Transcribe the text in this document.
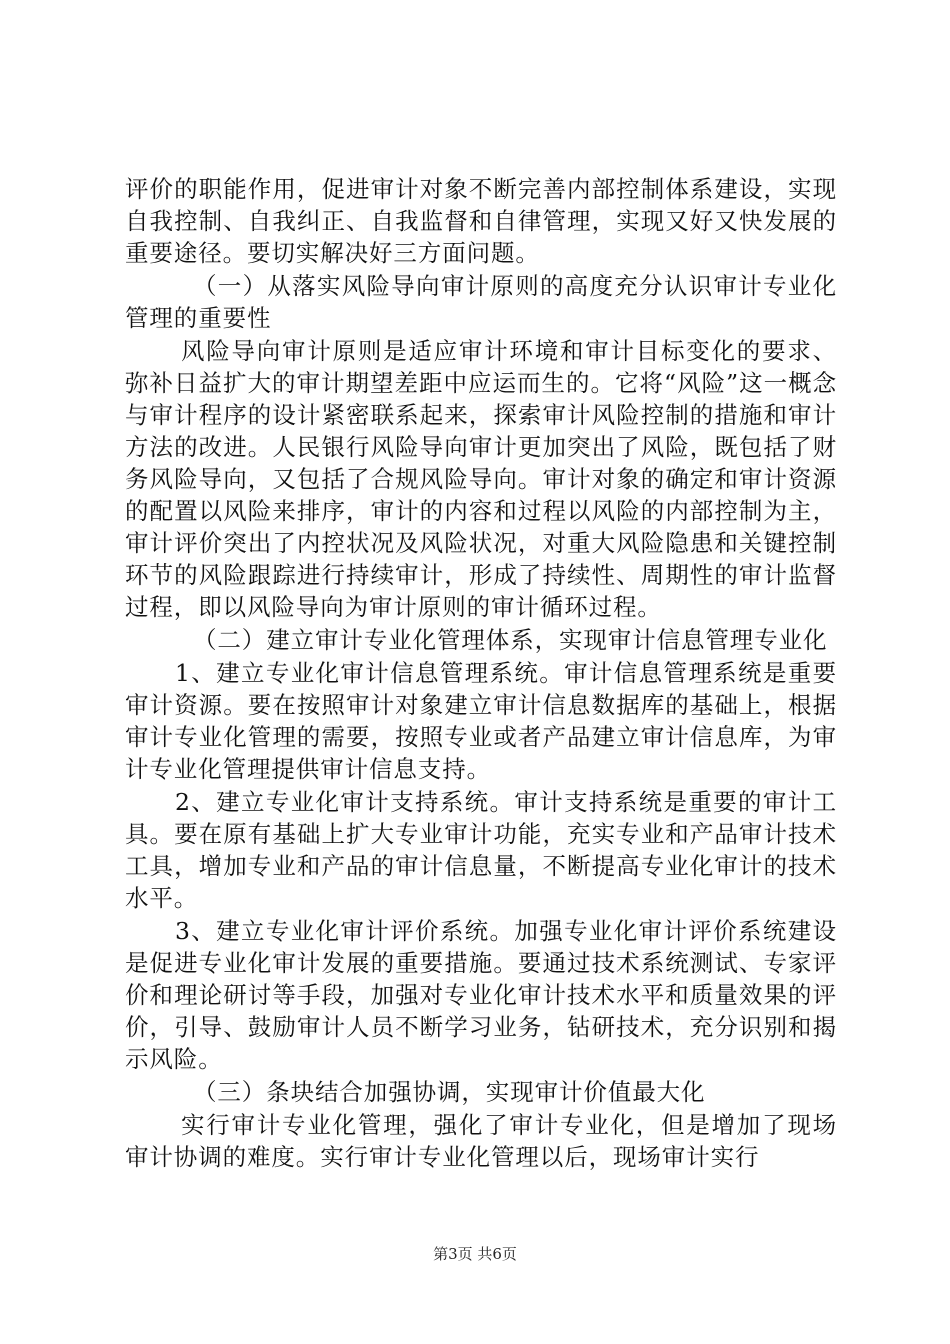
评价的职能作用，促进审计对象不断完善内部控制体系建设，实现自我控制、自我纠正、自我监督和自律管理，实现又好又快发展的重要途径。要切实解决好三方面问题。

（一）从落实风险导向审计原则的高度充分认识审计专业化管理的重要性

风险导向审计原则是适应审计环境和审计目标变化的要求、弥补日益扩大的审计期望差距中应运而生的。它将“风险”这一概念与审计程序的设计紧密联系起来，探索审计风险控制的措施和审计方法的改进。人民银行风险导向审计更加突出了风险，既包括了财务风险导向，又包括了合规风险导向。审计对象的确定和审计资源的配置以风险来排序，审计的内容和过程以风险的内部控制为主，审计评价突出了内控状况及风险状况，对重大风险隐患和关键控制环节的风险跟踪进行持续审计，形成了持续性、周期性的审计监督过程，即以风险导向为审计原则的审计循环过程。

（二）建立审计专业化管理体系，实现审计信息管理专业化

1、建立专业化审计信息管理系统。审计信息管理系统是重要审计资源。要在按照审计对象建立审计信息数据库的基础上，根据审计专业化管理的需要，按照专业或者产品建立审计信息库，为审计专业化管理提供审计信息支持。

2、建立专业化审计支持系统。审计支持系统是重要的审计工具。要在原有基础上扩大专业审计功能，充实专业和产品审计技术工具，增加专业和产品的审计信息量，不断提高专业化审计的技术水平。

3、建立专业化审计评价系统。加强专业化审计评价系统建设是促进专业化审计发展的重要措施。要通过技术系统测试、专家评价和理论研讨等手段，加强对专业化审计技术水平和质量效果的评价，引导、鼓励审计人员不断学习业务，钻研技术，充分识别和揭示风险。

（三）条块结合加强协调，实现审计价值最大化

实行审计专业化管理，强化了审计专业化，但是增加了现场审计协调的难度。实行审计专业化管理以后，现场审计实行

第3页 共6页
